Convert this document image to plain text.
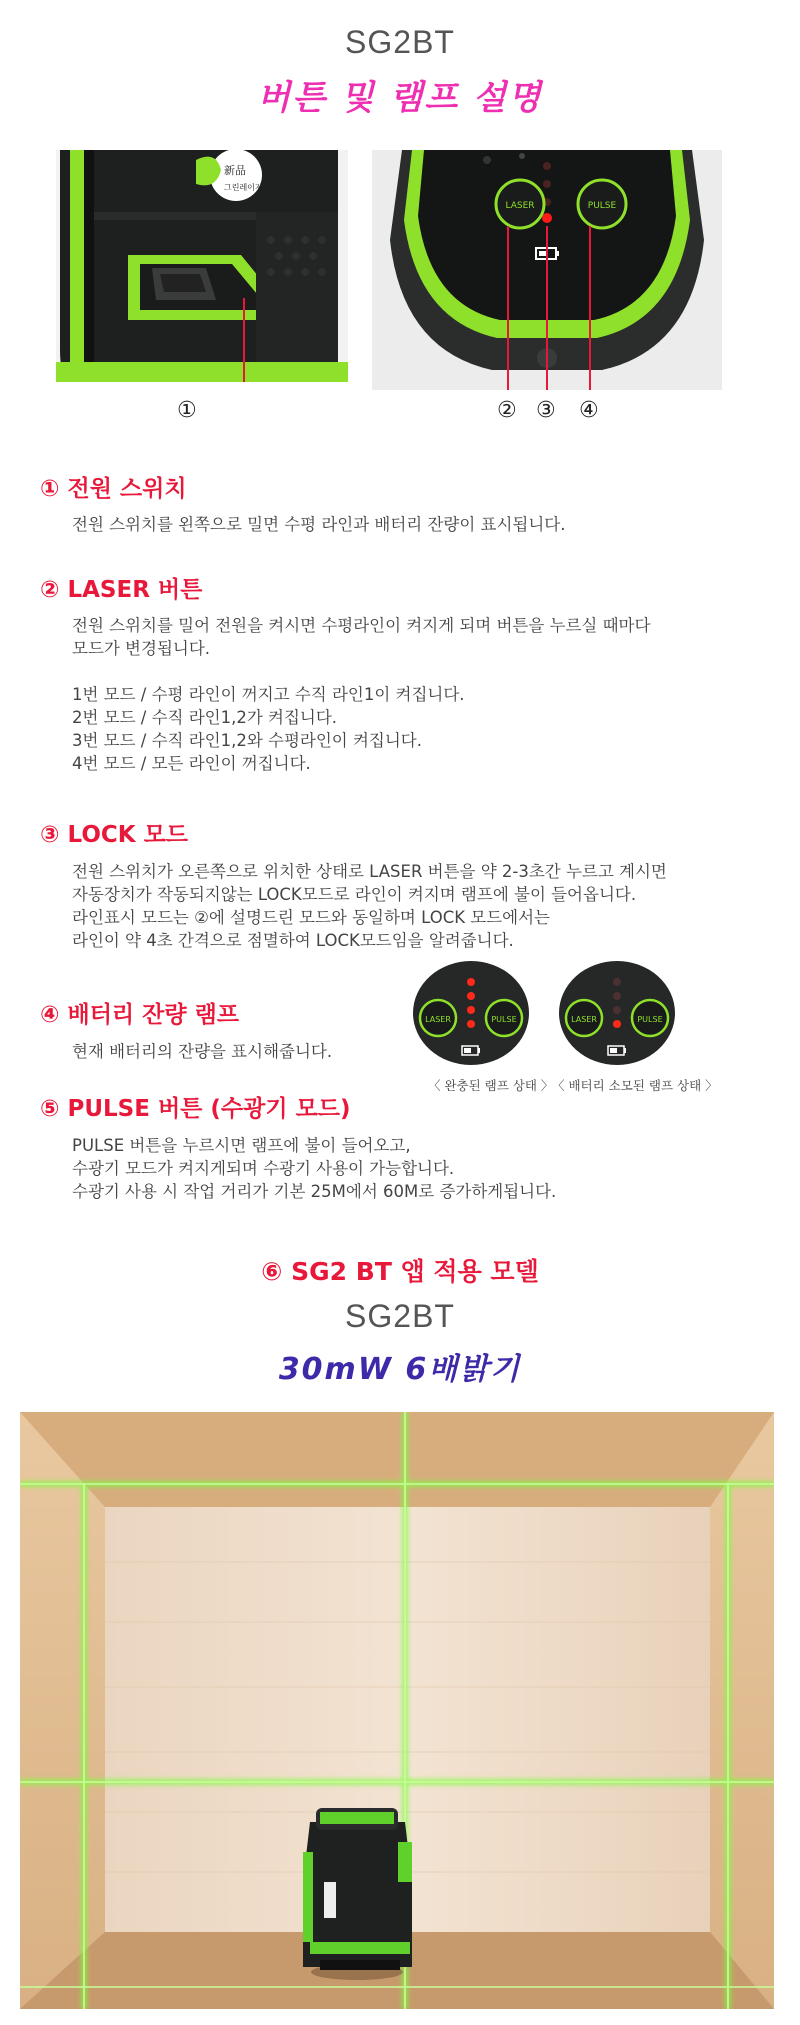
SG2BT
버튼 및 램프 설명
新品
그린레이저레벨
LASER	PULSE
①	② ③ ④
① 전원 스위치
전원 스위치를 왼쪽으로 밀면 수평 라인과 배터리 잔량이 표시됩니다.
② LASER 버튼
전원 스위치를 밀어 전원을 켜시면 수평라인이 켜지게 되며 버튼을 누르실 때마다
모드가 변경됩니다.

1번 모드 / 수평 라인이 꺼지고 수직 라인1이 켜집니다.
2번 모드 / 수직 라인1,2가 켜집니다.
3번 모드 / 수직 라인1,2와 수평라인이 켜집니다.
4번 모드 / 모든 라인이 꺼집니다.
③ LOCK 모드
전원 스위치가 오른쪽으로 위치한 상태로 LASER 버튼을 약 2-3초간 누르고 계시면
자동장치가 작동되지않는 LOCK모드로 라인이 켜지며 램프에 불이 들어옵니다.
라인표시 모드는 ②에 설명드린 모드와 동일하며 LOCK 모드에서는
라인이 약 4초 간격으로 점멸하여 LOCK모드임을 알려줍니다.
④ 배터리 잔량 램프
현재 배터리의 잔량을 표시해줍니다.
⑤ PULSE 버튼 (수광기 모드)
PULSE 버튼을 누르시면 램프에 불이 들어오고,
수광기 모드가 켜지게되며 수광기 사용이 가능합니다.
수광기 사용 시 작업 거리가 기본 25M에서 60M로 증가하게됩니다.
LASER	PULSE	LASER	PULSE
〈 완충된 램프 상태 〉
〈 배터리 소모된 램프 상태 〉
⑥ SG2 BT 앱 적용 모델
SG2BT
30mW 6배밝기
